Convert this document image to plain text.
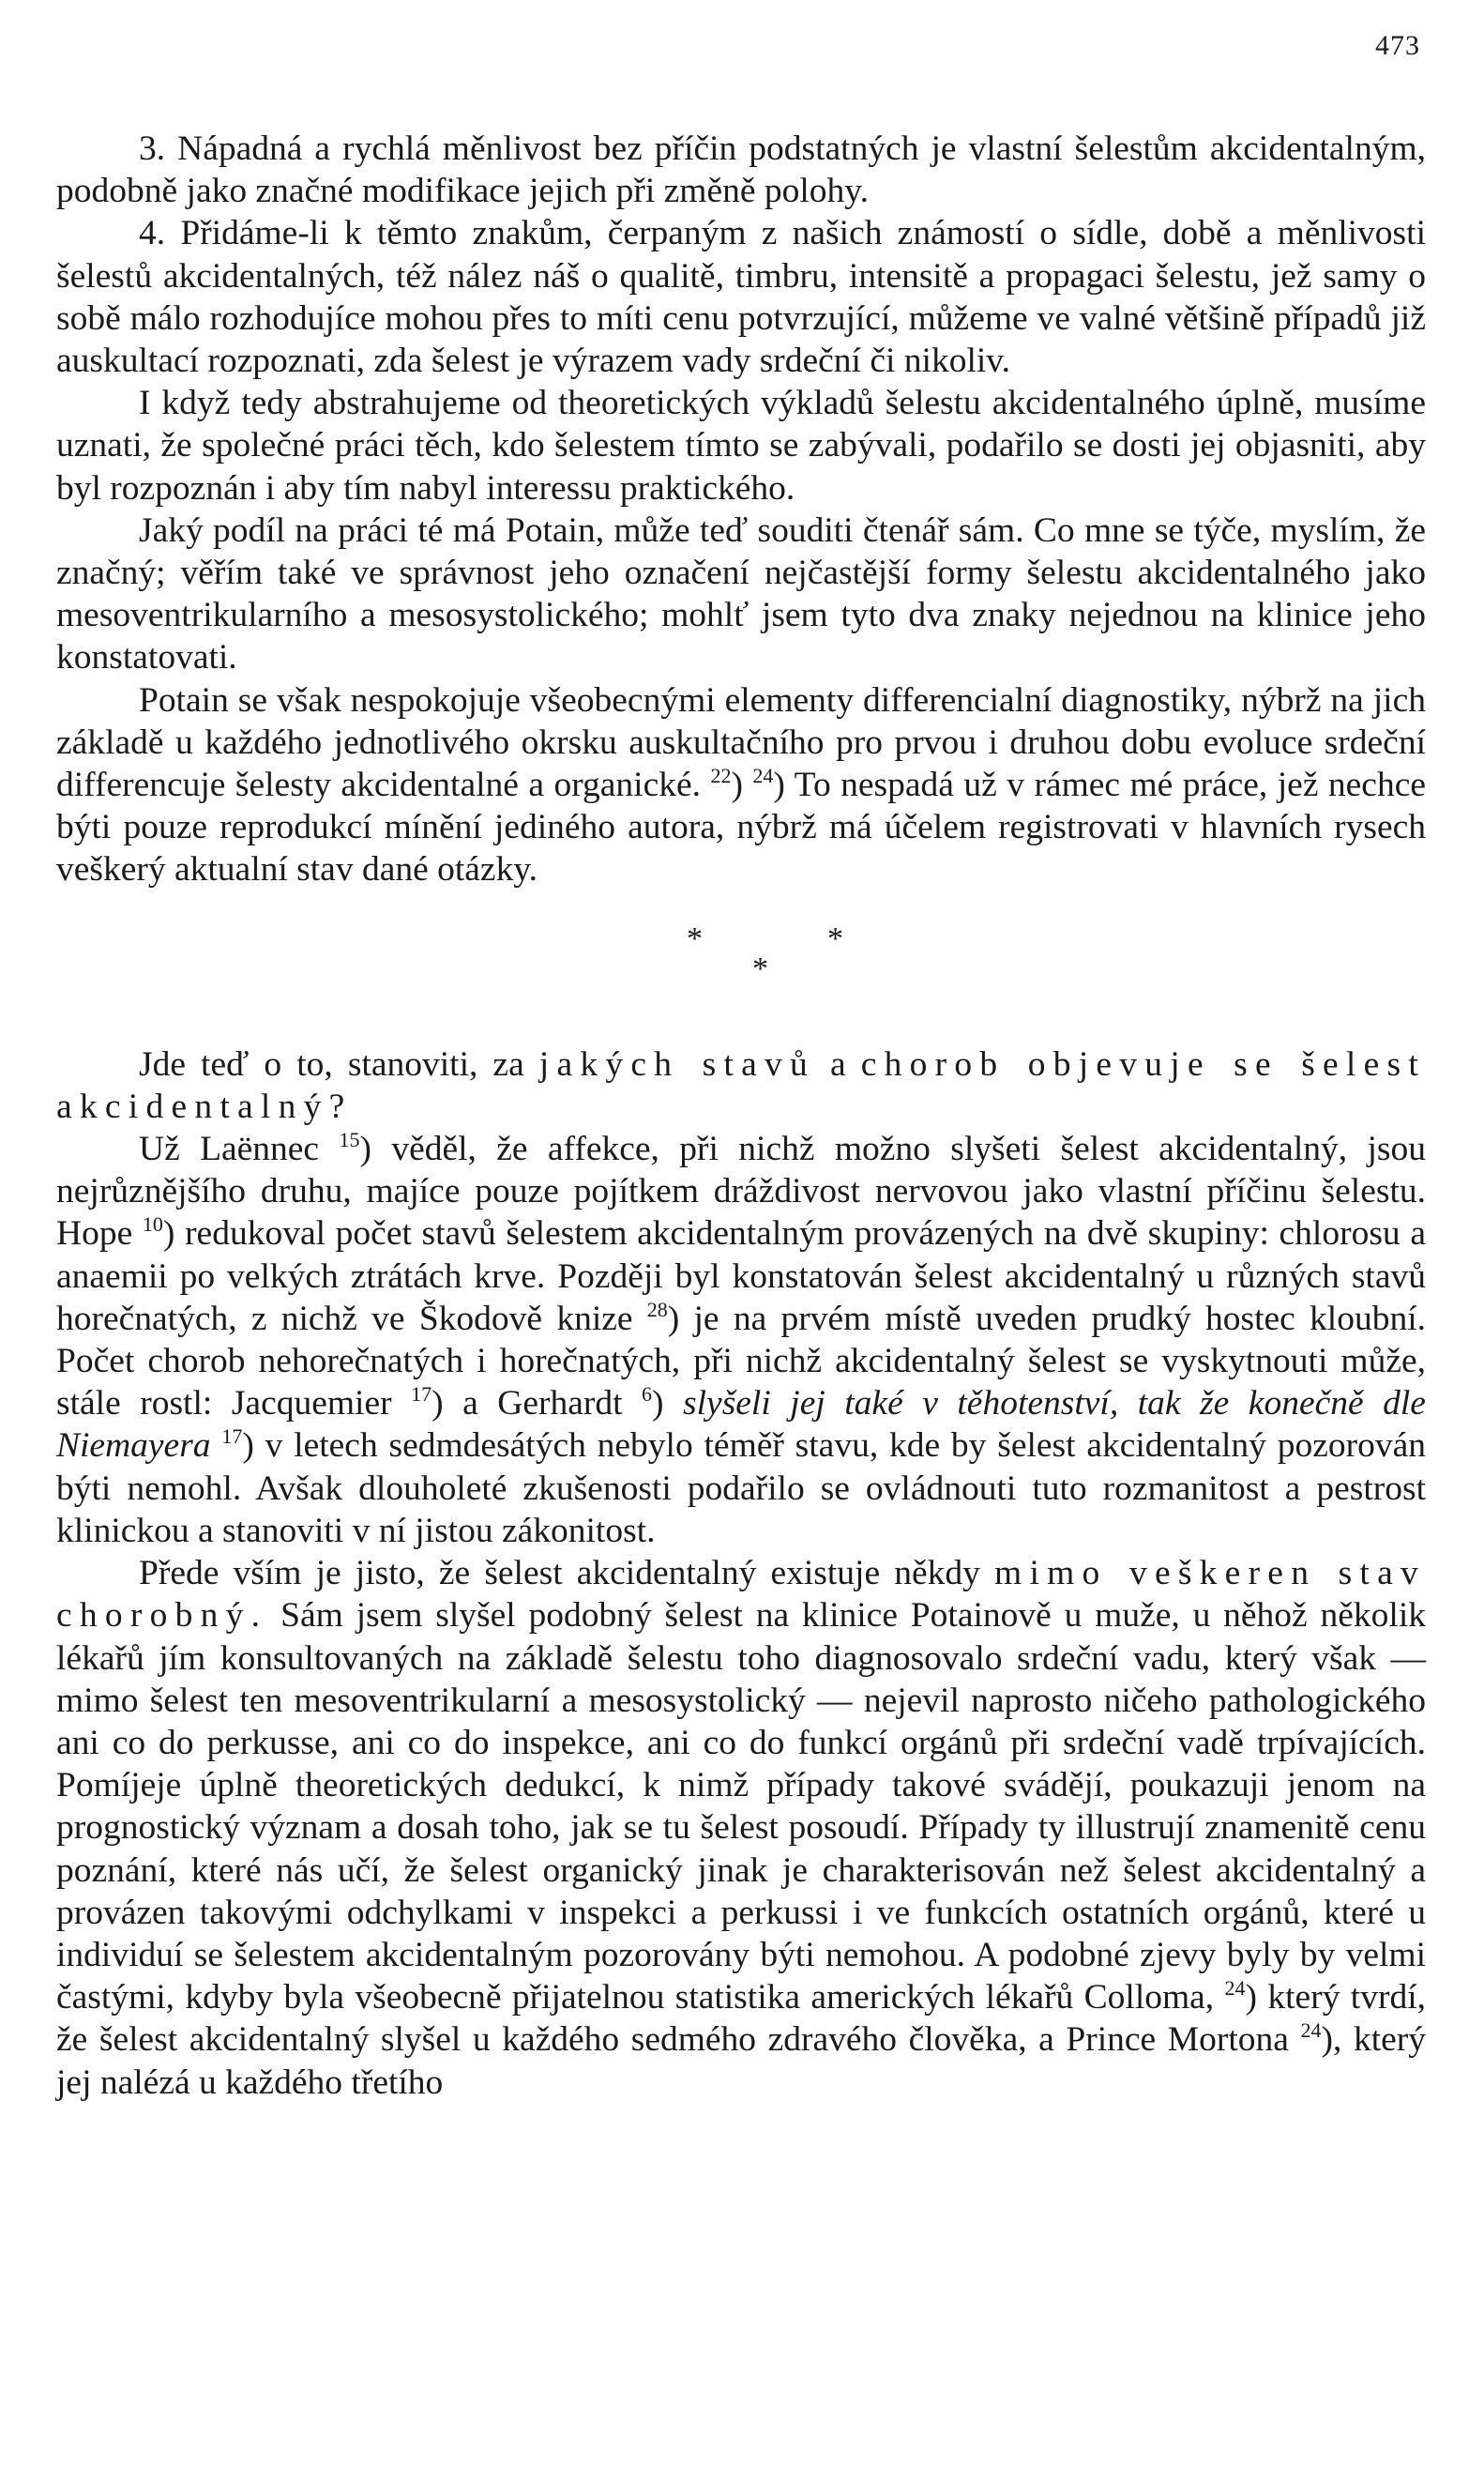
473

3. Nápadná a rychlá měnlivost bez příčin podstatných je vlastní šelestům akcidentalným, podobně jako značné modifikace jejich při změně polohy.

4. Přidáme-li k těmto znakům, čerpaným z našich známostí o sídle, době a měnlivosti šelestů akcidentalných, též nález náš o qualitě, timbru, intensitě a propagaci šelestu, jež samy o sobě málo rozhodujíce mohou přes to míti cenu potvrzující, můžeme ve valné většině případů již auskultací rozpoznati, zda šelest je výrazem vady srdeční či nikoliv.

I když tedy abstrahujeme od theoretických výkladů šelestu akcidentalného úplně, musíme uznati, že společné práci těch, kdo šelestem tímto se zabývali, podařilo se dosti jej objasniti, aby byl rozpoznán i aby tím nabyl interessu praktického.

Jaký podíl na práci té má Potain, může teď souditi čtenář sám. Co mne se týče, myslím, že značný; věřím také ve správnost jeho označení nejčastější formy šelestu akcidentalného jako mesoventrikularního a mesosystolického; mohlť jsem tyto dva znaky nejednou na klinice jeho konstatovati.

Potain se však nespokojuje všeobecnými elementy differencialní diagnostiky, nýbrž na jich základě u každého jednotlivého okrsku auskultačního pro prvou i druhou dobu evoluce srdeční differencuje šelesty akcidentalné a organické. $^{22}$) $^{24}$) To nespadá už v rámec mé práce, jež nechce býti pouze reprodukcí mínění jediného autora, nýbrž má účelem registrovati v hlavních rysech veškerý aktualní stav dané otázky.

*	*
*

Jde teď o to, stanoviti, za jakých stavů a chorob objevuje se šelest akcidentalný?

Už Laënnec $^{15}$) věděl, že affekce, při nichž možno slyšeti šelest akcidentalný, jsou nejrůznějšího druhu, majíce pouze pojítkem dráždivost nervovou jako vlastní příčinu šelestu. Hope $^{10}$) redukoval počet stavů šelestem akcidentalným provázených na dvě skupiny: chlorosu a anaemii po velkých ztrátách krve. Později byl konstatován šelest akcidentalný u různých stavů horečnatých, z nichž ve Škodově knize $^{28}$) je na prvém místě uveden prudký hostec kloubní. Počet chorob nehorečnatých i horečnatých, při nichž akcidentalný šelest se vyskytnouti může, stále rostl: Jacquemier $^{17}$) a Gerhardt $^6$) slyšeli jej také v těhotenství, tak že konečně dle Niemayera $^{17}$) v letech sedmdesátých nebylo téměř stavu, kde by šelest akcidentalný pozorován býti nemohl. Avšak dlouholeté zkušenosti podařilo se ovládnouti tuto rozmanitost a pestrost klinickou a stanoviti v ní jistou zákonitost.

Přede vším je jisto, že šelest akcidentalný existuje někdy mimo veškeren stav chorobný. Sám jsem slyšel podobný šelest na klinice Potainově u muže, u něhož několik lékařů jím konsultovaných na základě šelestu toho diagnosovalo srdeční vadu, který však — mimo šelest ten mesoventrikularní a mesosystolický — nejevil naprosto ničeho pathologického ani co do perkusse, ani co do inspekce, ani co do funkcí orgánů při srdeční vadě trpívajících. Pomíjeje úplně theoretických dedukcí, k nimž případy takové svádějí, poukazuji jenom na prognostický význam a dosah toho, jak se tu šelest posoudí. Případy ty illustrují znamenitě cenu poznání, které nás učí, že šelest organický jinak je charakterisován než šelest akcidentalný a provázen takovými odchylkami v inspekci a perkussi i ve funkcích ostatních orgánů, které u individuí se šelestem akcidentalným pozorovány býti nemohou. A podobné zjevy byly by velmi častými, kdyby byla všeobecně přijatelnou statistika amerických lékařů Colloma, $^{24}$) který tvrdí, že šelest akcidentalný slyšel u každého sedmého zdravého člověka, a Prince Mortona $^{24}$), který jej nalézá u každého třetího
